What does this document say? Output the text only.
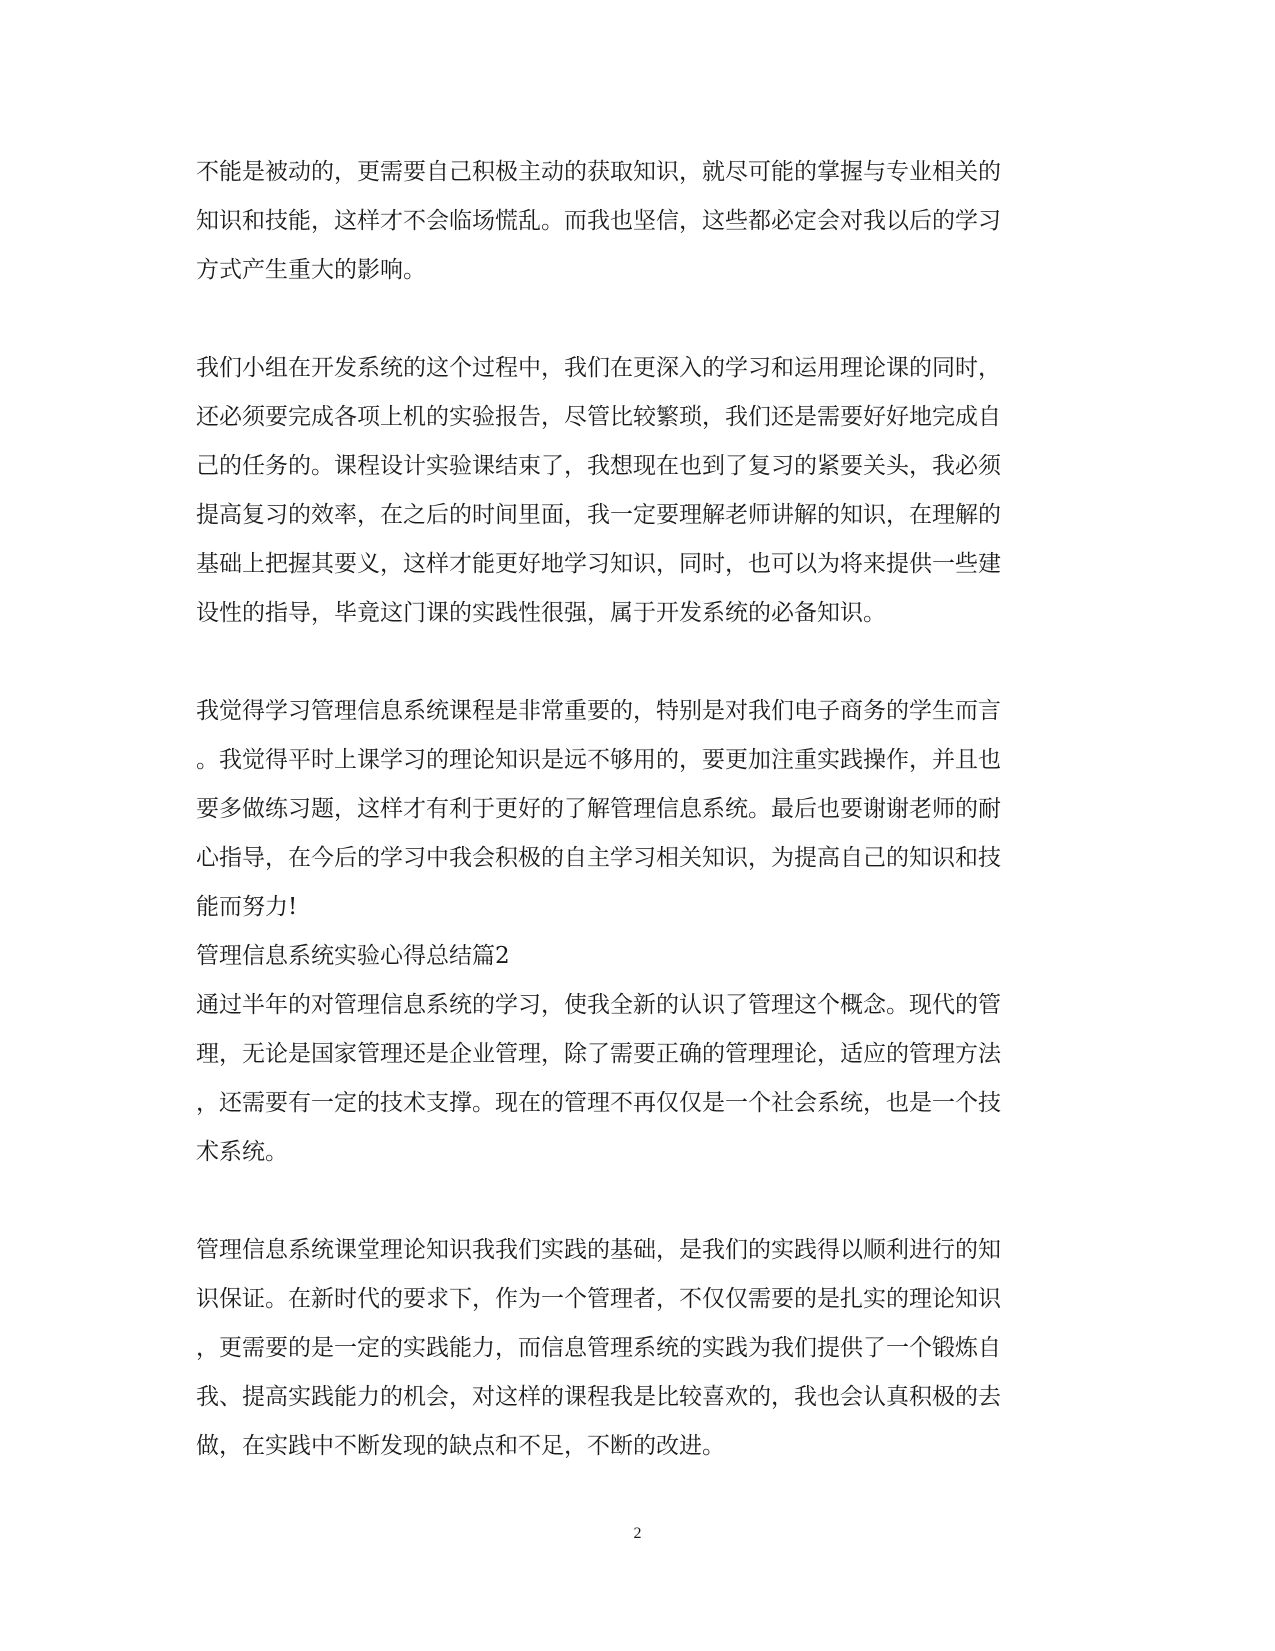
不能是被动的，更需要自己积极主动的获取知识，就尽可能的掌握与专业相关的
知识和技能，这样才不会临场慌乱。而我也坚信，这些都必定会对我以后的学习
方式产生重大的影响。
我们小组在开发系统的这个过程中，我们在更深入的学习和运用理论课的同时，
还必须要完成各项上机的实验报告，尽管比较繁琐，我们还是需要好好地完成自
己的任务的。课程设计实验课结束了，我想现在也到了复习的紧要关头，我必须
提高复习的效率，在之后的时间里面，我一定要理解老师讲解的知识，在理解的
基础上把握其要义，这样才能更好地学习知识，同时，也可以为将来提供一些建
设性的指导，毕竟这门课的实践性很强，属于开发系统的必备知识。
我觉得学习管理信息系统课程是非常重要的，特别是对我们电子商务的学生而言
。我觉得平时上课学习的理论知识是远不够用的，要更加注重实践操作，并且也
要多做练习题，这样才有利于更好的了解管理信息系统。最后也要谢谢老师的耐
心指导，在今后的学习中我会积极的自主学习相关知识，为提高自己的知识和技
能而努力!
管理信息系统实验心得总结篇2
通过半年的对管理信息系统的学习，使我全新的认识了管理这个概念。现代的管
理，无论是国家管理还是企业管理，除了需要正确的管理理论，适应的管理方法
，还需要有一定的技术支撑。现在的管理不再仅仅是一个社会系统，也是一个技
术系统。
管理信息系统课堂理论知识我我们实践的基础，是我们的实践得以顺利进行的知
识保证。在新时代的要求下，作为一个管理者，不仅仅需要的是扎实的理论知识
，更需要的是一定的实践能力，而信息管理系统的实践为我们提供了一个锻炼自
我、提高实践能力的机会，对这样的课程我是比较喜欢的，我也会认真积极的去
做，在实践中不断发现的缺点和不足，不断的改进。
2
